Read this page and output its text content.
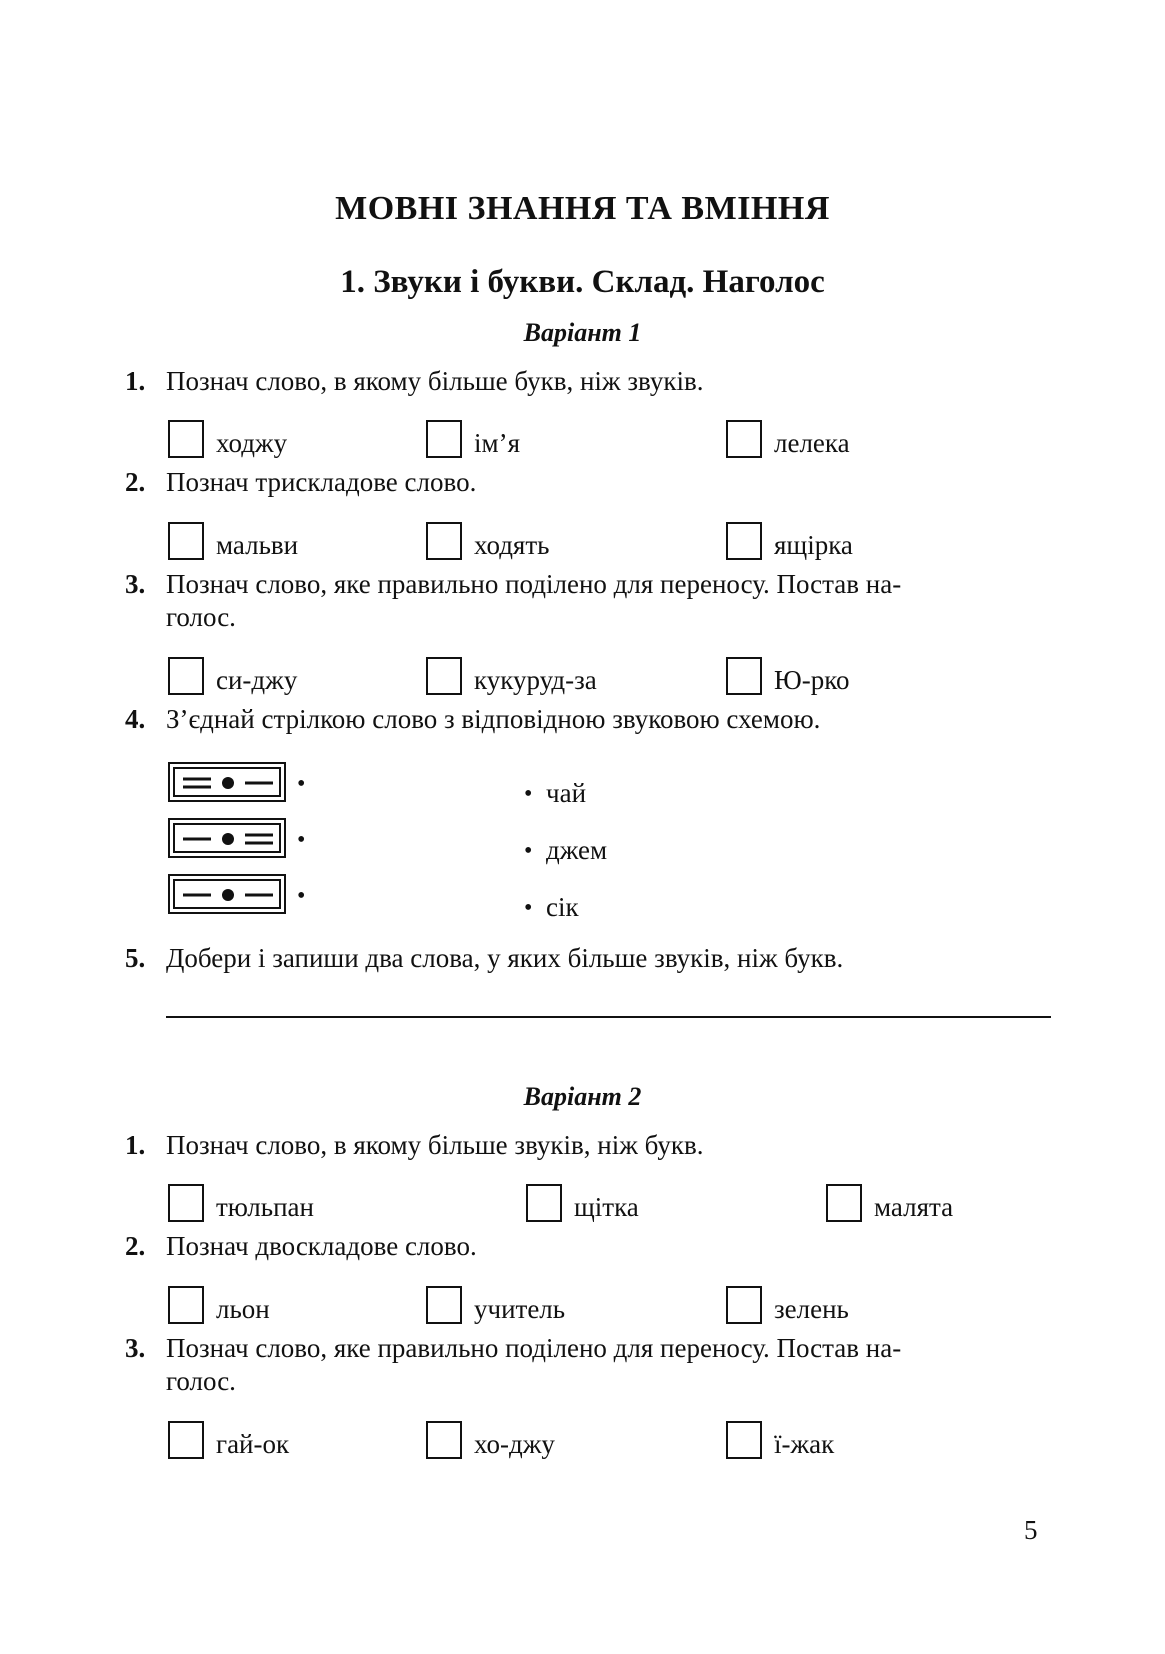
МОВНІ ЗНАННЯ ТА ВМІННЯ
1. Звуки і букви. Склад. Наголос
Варіант 1
1. Познач слово, в якому більше букв, ніж звуків.
ходжу	ім’я	лелека
2. Познач трискладове слово.
мальви	ходять	ящірка
3. Познач слово, яке правильно поділено для переносу. Постав на-
голос.
си-джу	кукуруд-за	Ю-рко
4. З’єднай стрілкою слово з відповідною звуковою схемою.
•
•
•
• чай
• джем
• сік
5. Добери і запиши два слова, у яких більше звуків, ніж букв.
Варіант 2
1. Познач слово, в якому більше звуків, ніж букв.
тюльпан	щітка	малята
2. Познач двоскладове слово.
льон	учитель	зелень
3. Познач слово, яке правильно поділено для переносу. Постав на-
голос.
гай-ок	хо-джу	ї-жак
5
